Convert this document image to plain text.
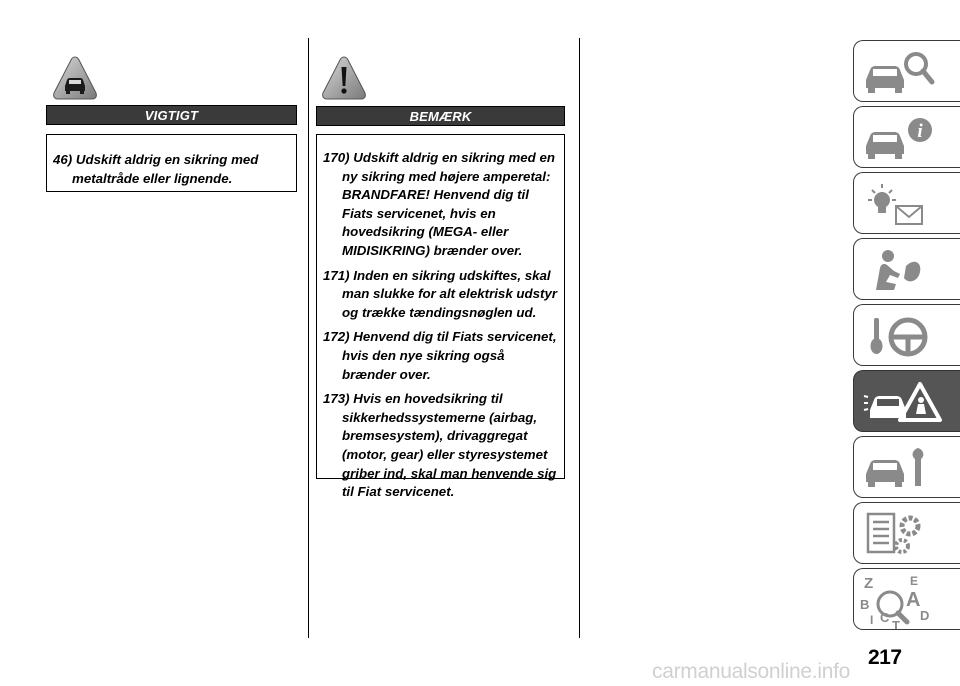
VIGTIGT

46) Udskift aldrig en sikring med metaltråde eller lignende.

BEMÆRK

170) Udskift aldrig en sikring med en ny sikring med højere amperetal: BRANDFARE! Henvend dig til Fiats servicenet, hvis en hovedsikring (MEGA- eller MIDISIKRING) brænder over.

171) Inden en sikring udskiftes, skal man slukke for alt elektrisk udstyr og trække tændingsnøglen ud.

172) Henvend dig til Fiats servicenet, hvis den nye sikring også brænder over.

173) Hvis en hovedsikring til sikkerhedssystemerne (airbag, bremsesystem), drivaggregat (motor, gear) eller styresystemet griber ind, skal man henvende sig til Fiat servicenet.

i
Z	E
A
B
C D
T
I
217
carmanualsonline.info
